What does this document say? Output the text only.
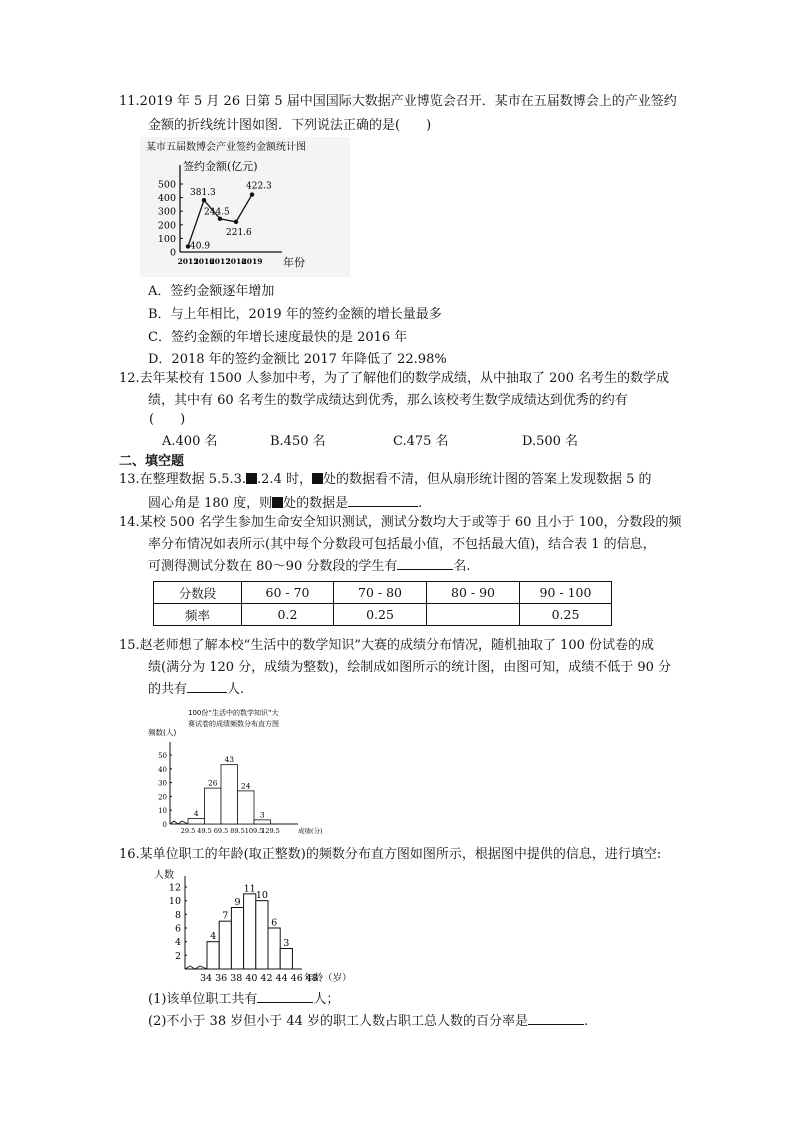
11.2019 年 5 月 26 日第 5 届中国国际大数据产业博览会召开．某市在五届数博会上的产业签约
金额的折线统计图如图．下列说法正确的是(　　)
某市五届数博会产业签约金额统计图
签约金额(亿元)
0
100
200
300
400
500
2015
2016
2017
2018
2019 年份
40.9
381.3
244.5
221.6
422.3
A．签约金额逐年增加
B．与上年相比，2019 年的签约金额的增长量最多
C．签约金额的年增长速度最快的是 2016 年
D．2018 年的签约金额比 2017 年降低了 22.98%
12.去年某校有 1500 人参加中考，为了了解他们的数学成绩，从中抽取了 200 名考生的数学成
绩，其中有 60 名考生的数学成绩达到优秀，那么该校考生数学成绩达到优秀的约有
(　　)
A.400 名	B.450 名	C.475 名	D.500 名
二、填空题
13.在整理数据 5.5.3. .2.4 时， 处的数据看不清，但从扇形统计图的答案上发现数据 5 的
圆心角是 180 度，则 处的数据是	.
14.某校 500 名学生参加生命安全知识测试，测试分数均大于或等于 60 且小于 100，分数段的频
率分布情况如表所示(其中每个分数段可包括最小值，不包括最大值)，结合表 1 的信息，
可测得测试分数在 80～90 分数段的学生有	名.
分数段	60 - 70	70 - 80	80 - 90	90 - 100
频率	0.2	0.25		0.25
15.赵老师想了解本校“生活中的数学知识”大赛的成绩分布情况，随机抽取了 100 份试卷的成
绩(满分为 120 分，成绩为整数)，绘制成如图所示的统计图，由图可知，成绩不低于 90 分
的共有	人.
100份“生活中的数学知识”大
赛试卷的成绩频数分布直方图
频数(人)
0
10
20
30
40
50
4
26
43
24
3
29.5 49.5 69.5 89.5 109.5
129.5	成绩(分)
16.某单位职工的年龄(取正整数)的频数分布直方图如图所示，根据图中提供的信息，进行填空:
人数
2
4
6
8
10
12
4
7
9
11
10
6
3
34 36 38 40 42 44 46 48
年龄（岁）
(1)该单位职工共有	人；
(2)不小于 38 岁但小于 44 岁的职工人数占职工总人数的百分率是	.
